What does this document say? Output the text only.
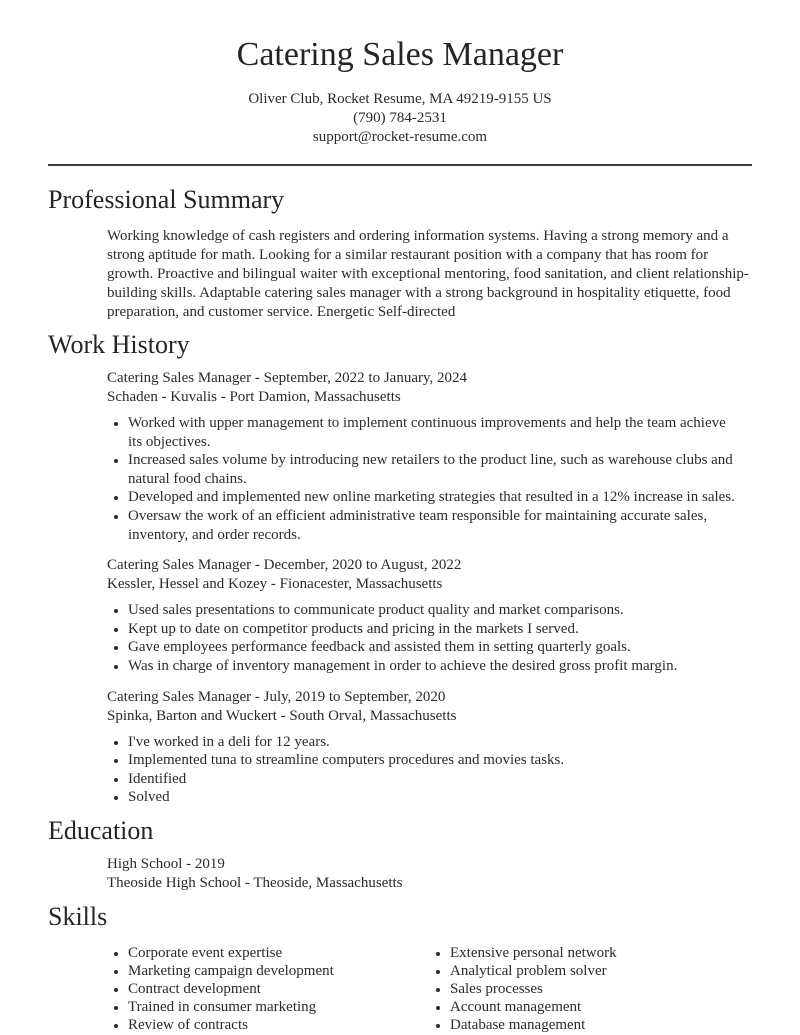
Catering Sales Manager
Oliver Club, Rocket Resume, MA 49219-9155 US
(790) 784-2531
support@rocket-resume.com
Professional Summary

Working knowledge of cash registers and ordering information systems. Having a strong memory and a strong aptitude for math. Looking for a similar restaurant position with a company that has room for growth. Proactive and bilingual waiter with exceptional mentoring, food sanitation, and client relationship-building skills. Adaptable catering sales manager with a strong background in hospitality etiquette, food preparation, and customer service. Energetic Self-directed

Work History
Catering Sales Manager - September, 2022 to January, 2024
Schaden - Kuvalis - Port Damion, Massachusetts
• Worked with upper management to implement continuous improvements and help the team achieve its objectives.
• Increased sales volume by introducing new retailers to the product line, such as warehouse clubs and natural food chains.
• Developed and implemented new online marketing strategies that resulted in a 12% increase in sales.
• Oversaw the work of an efficient administrative team responsible for maintaining accurate sales, inventory, and order records.
Catering Sales Manager - December, 2020 to August, 2022
Kessler, Hessel and Kozey - Fionacester, Massachusetts
• Used sales presentations to communicate product quality and market comparisons.
• Kept up to date on competitor products and pricing in the markets I served.
• Gave employees performance feedback and assisted them in setting quarterly goals.
• Was in charge of inventory management in order to achieve the desired gross profit margin.
Catering Sales Manager - July, 2019 to September, 2020
Spinka, Barton and Wuckert - South Orval, Massachusetts
• I've worked in a deli for 12 years.
• Implemented tuna to streamline computers procedures and movies tasks.
• Identified
• Solved
Education
High School - 2019
Theoside High School - Theoside, Massachusetts
Skills
• Corporate event expertise
• Marketing campaign development
• Contract development
• Trained in consumer marketing
• Review of contracts
• Extensive personal network
• Analytical problem solver
• Sales processes
• Account management
• Database management
